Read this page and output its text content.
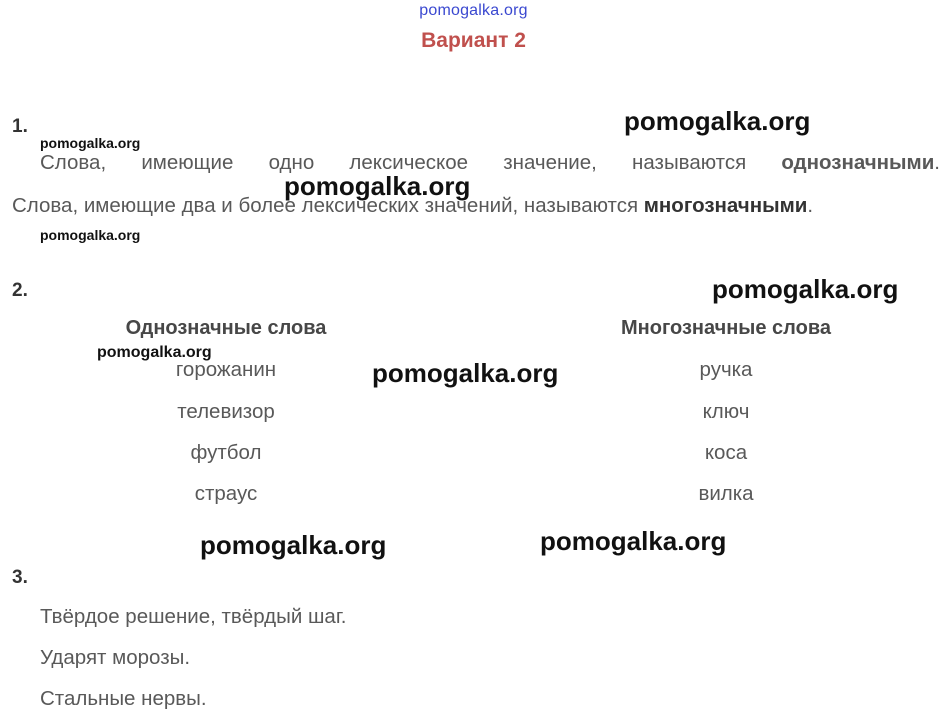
pomogalka.org
Вариант 2
1.
Слова, имеющие одно лексическое значение, называются однозначными.
Слова, имеющие два и более лексических значений, называются многозначными.
2.
Однозначные слова
горожанин
телевизор
футбол
страус
Многозначные слова
ручка
ключ
коса
вилка
3.
Твёрдое решение, твёрдый шаг.
Ударят морозы.
Стальные нервы.
pomogalka.org
pomogalka.org
pomogalka.org
pomogalka.org
pomogalka.org
pomogalka.org
pomogalka.org
pomogalka.org	pomogalka.org
